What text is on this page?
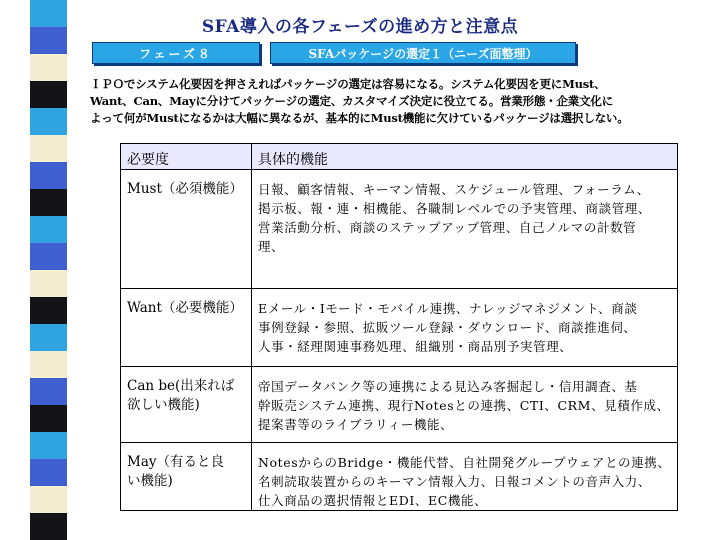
SFA導入の各フェーズの進め方と注意点
フェーズ８	SFAパッケージの選定１（ニーズ面整理）

ＩＰＯでシステム化要因を押さえればパッケージの選定は容易になる。システム化要因を更にMust、

Want、Can、Mayに分けてパッケージの選定、カスタマイズ決定に役立てる。営業形態・企業文化に

よって何がMustになるかは大幅に異なるが、基本的にMust機能に欠けているパッケージは選択しない。

必要度	具体的機能

Must（必須機能）	日報、顧客情報、キーマン情報、スケジュール管理、フォーラム、
掲示板、報・連・相機能、各職制レベルでの予実管理、商談管理、
営業活動分析、商談のステップアップ管理、自己ノルマの計数管
理、

Want（必要機能）	Eメール・Iモード・モバイル連携、ナレッジマネジメント、商談
事例登録・参照、拡販ツール登録・ダウンロード、商談推進伺、
人事・経理関連事務処理、組織別・商品別予実管理、

Can be(出来れば
欲しい機能)	帝国データバンク等の連携による見込み客掘起し・信用調査、基
幹販売システム連携、現行Notesとの連携、CTI、CRM、見積作成、
提案書等のライブラリィー機能、

May（有ると良
い機能)	NotesからのBridge・機能代替、自社開発グループウェアとの連携、
名刺読取装置からのキーマン情報入力、日報コメントの音声入力、
仕入商品の選択情報とEDI、EC機能、
